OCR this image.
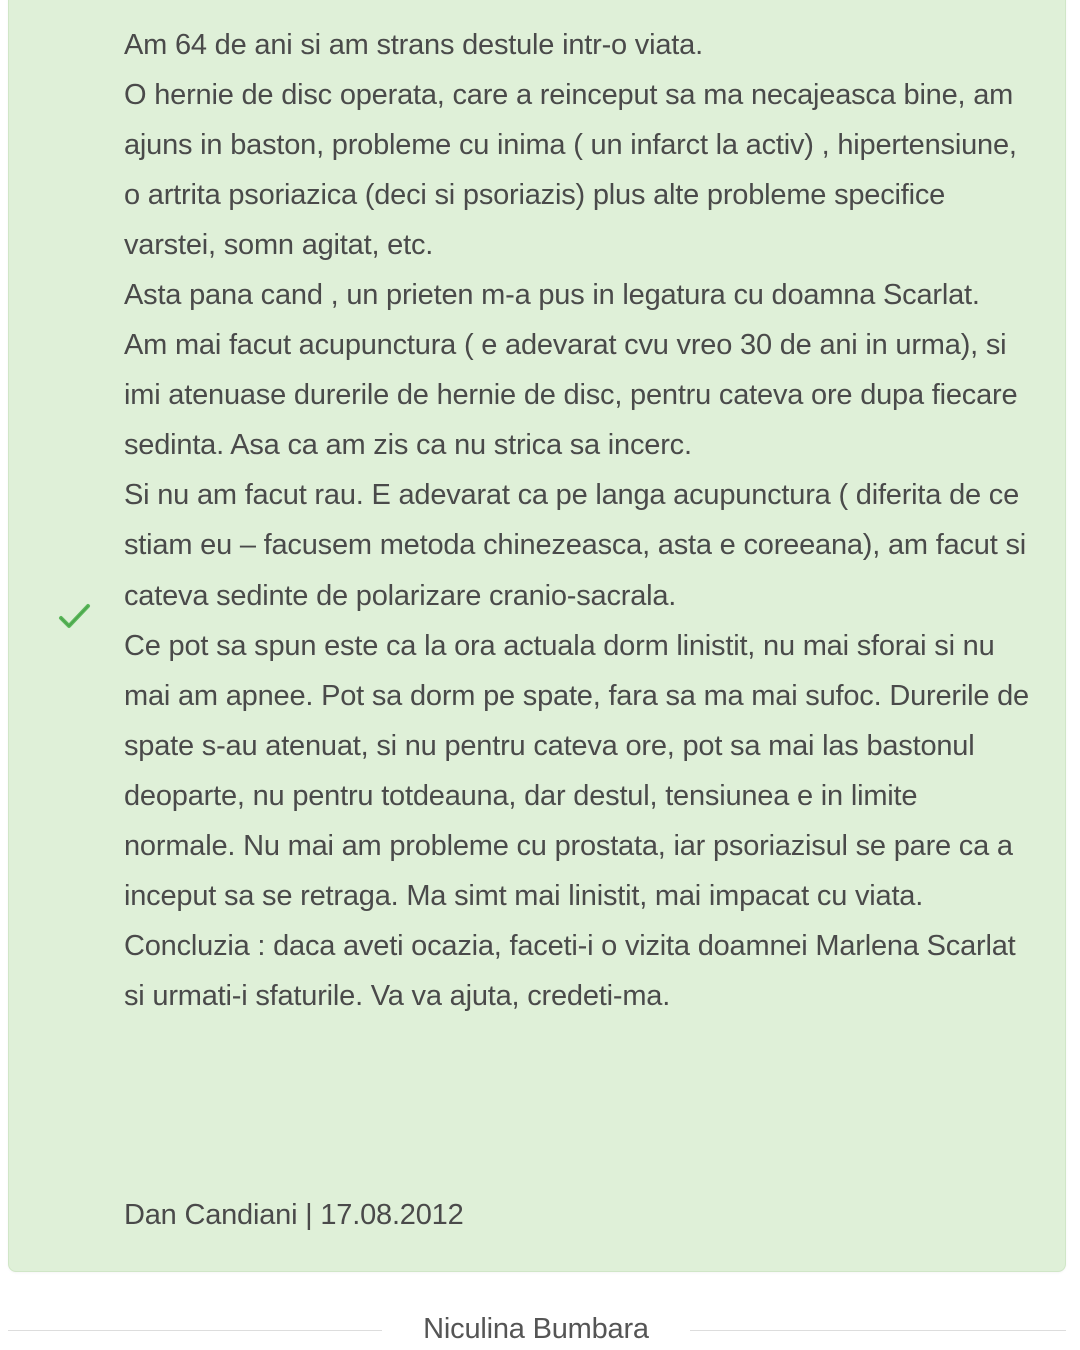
Am 64 de ani si am strans destule intr-o viata.

O hernie de disc operata, care a reinceput sa ma necajeasca bine, am ajuns in baston, probleme cu inima ( un infarct la activ) , hipertensiune, o artrita psoriazica (deci si psoriazis) plus alte probleme specifice varstei, somn agitat, etc.

Asta pana cand , un prieten m-a pus in legatura cu doamna Scarlat.

Am mai facut acupunctura ( e adevarat cvu vreo 30 de ani in urma), si imi atenuase durerile de hernie de disc, pentru cateva ore dupa fiecare sedinta. Asa ca am zis ca nu strica sa incerc.

Si nu am facut rau. E adevarat ca pe langa acupunctura ( diferita de ce stiam eu – facusem metoda chinezeasca, asta e coreeana), am facut si cateva sedinte de polarizare cranio-sacrala.

Ce pot sa spun este ca la ora actuala dorm linistit, nu mai sforai si nu mai am apnee. Pot sa dorm pe spate, fara sa ma mai sufoc. Durerile de spate s-au atenuat, si nu pentru cateva ore, pot sa mai las bastonul deoparte, nu pentru totdeauna, dar destul, tensiunea e in limite normale. Nu mai am probleme cu prostata, iar psoriazisul se pare ca a inceput sa se retraga. Ma simt mai linistit, mai impacat cu viata.

Concluzia : daca aveti ocazia, faceti-i o vizita doamnei Marlena Scarlat si urmati-i sfaturile. Va va ajuta, credeti-ma.

Dan Candiani | 17.08.2012
Niculina Bumbara
